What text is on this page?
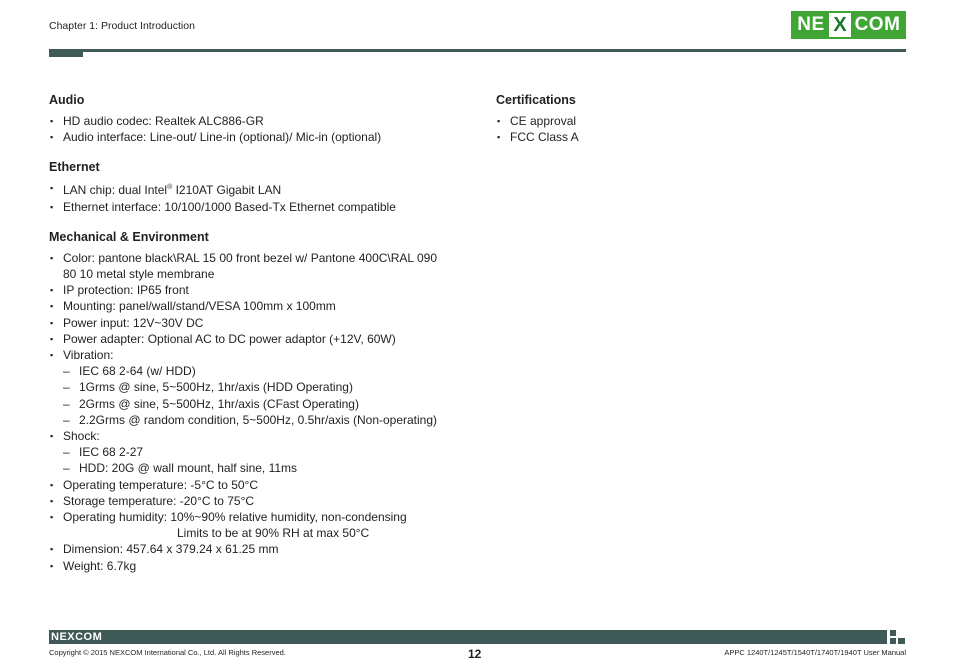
Chapter 1: Product Introduction	NE X COM
Audio
▪ HD audio codec: Realtek ALC886-GR
▪ Audio interface: Line-out/ Line-in (optional)/ Mic-in (optional)
Ethernet
▪ LAN chip: dual Intel® I210AT Gigabit LAN
▪ Ethernet interface: 10/100/1000 Based-Tx Ethernet compatible
Mechanical & Environment
▪ Color: pantone black\RAL 15 00 front bezel w/ Pantone 400C\RAL 090
80 10 metal style membrane
▪ IP protection: IP65 front
▪ Mounting: panel/wall/stand/VESA 100mm x 100mm
▪ Power input: 12V~30V DC
▪ Power adapter: Optional AC to DC power adaptor (+12V, 60W)
▪ Vibration:
– IEC 68 2-64 (w/ HDD)
– 1Grms @ sine, 5~500Hz, 1hr/axis (HDD Operating)
– 2Grms @ sine, 5~500Hz, 1hr/axis (CFast Operating)
– 2.2Grms @ random condition, 5~500Hz, 0.5hr/axis (Non-operating)
▪ Shock:
– IEC 68 2-27
– HDD: 20G @ wall mount, half sine, 11ms
▪ Operating temperature: -5°C to 50°C
▪ Storage temperature: -20°C to 75°C
▪ Operating humidity: 10%~90% relative humidity, non-condensing
Limits to be at 90% RH at max 50°C
▪ Dimension: 457.64 x 379.24 x 61.25 mm
▪ Weight: 6.7kg
Certifications
▪ CE approval
▪ FCC Class A
NEXCOM
Copyright © 2015 NEXCOM International Co., Ltd. All Rights Reserved.	12	APPC 1240T/1245T/1540T/1740T/1940T User Manual
